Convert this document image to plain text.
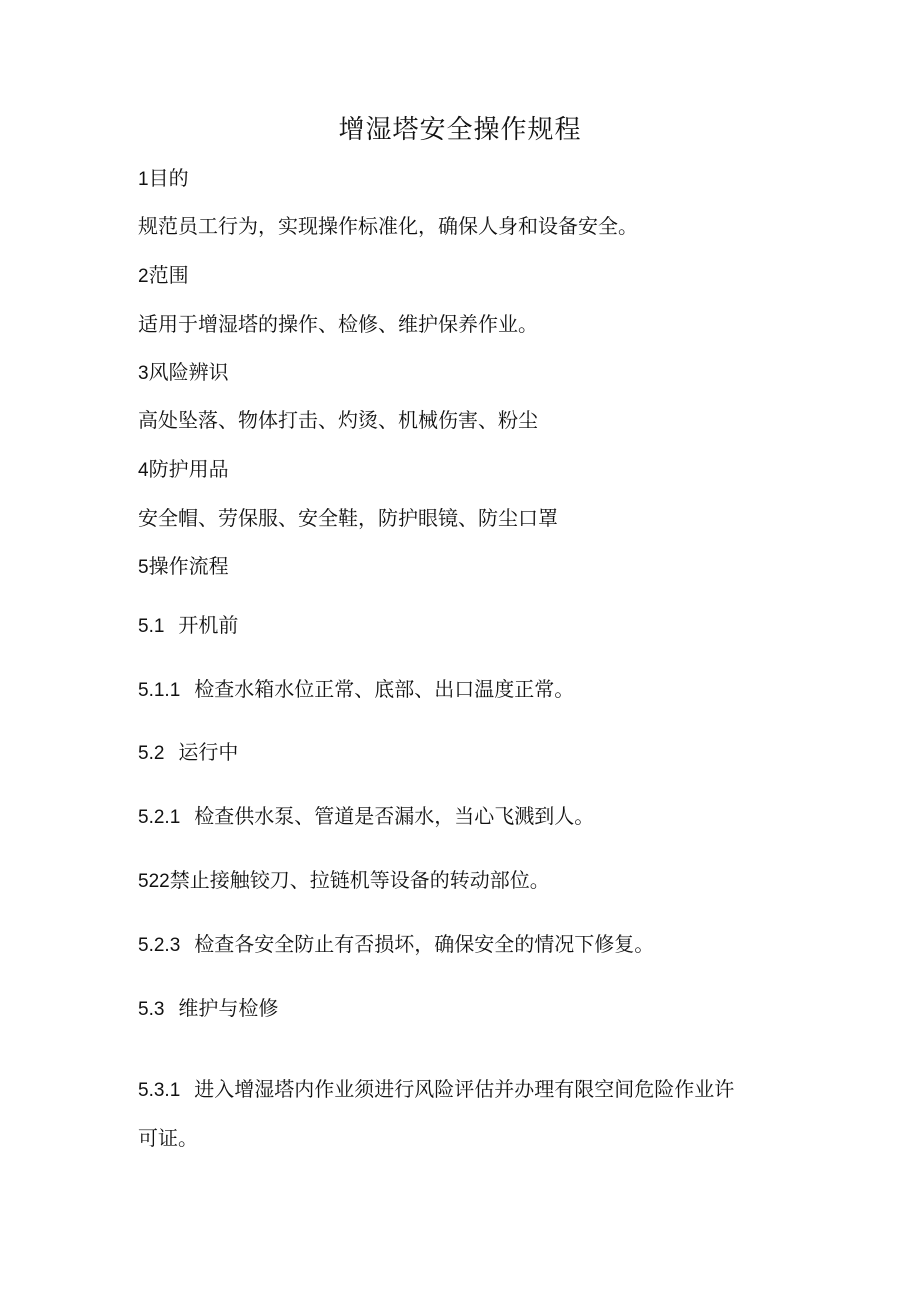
增湿塔安全操作规程
1目的
规范员工行为，实现操作标准化，确保人身和设备安全。
2范围
适用于增湿塔的操作、检修、维护保养作业。
3风险辨识
高处坠落、物体打击、灼烫、机械伤害、粉尘
4防护用品
安全帽、劳保服、安全鞋，防护眼镜、防尘口罩
5操作流程
5.1 开机前
5.1.1 检查水箱水位正常、底部、出口温度正常。
5.2 运行中
5.2.1 检查供水泵、管道是否漏水，当心飞溅到人。
522禁止接触铰刀、拉链机等设备的转动部位。
5.2.3 检查各安全防止有否损坏，确保安全的情况下修复。
5.3 维护与检修
5.3.1 进入增湿塔内作业须进行风险评估并办理有限空间危险作业许
可证。
